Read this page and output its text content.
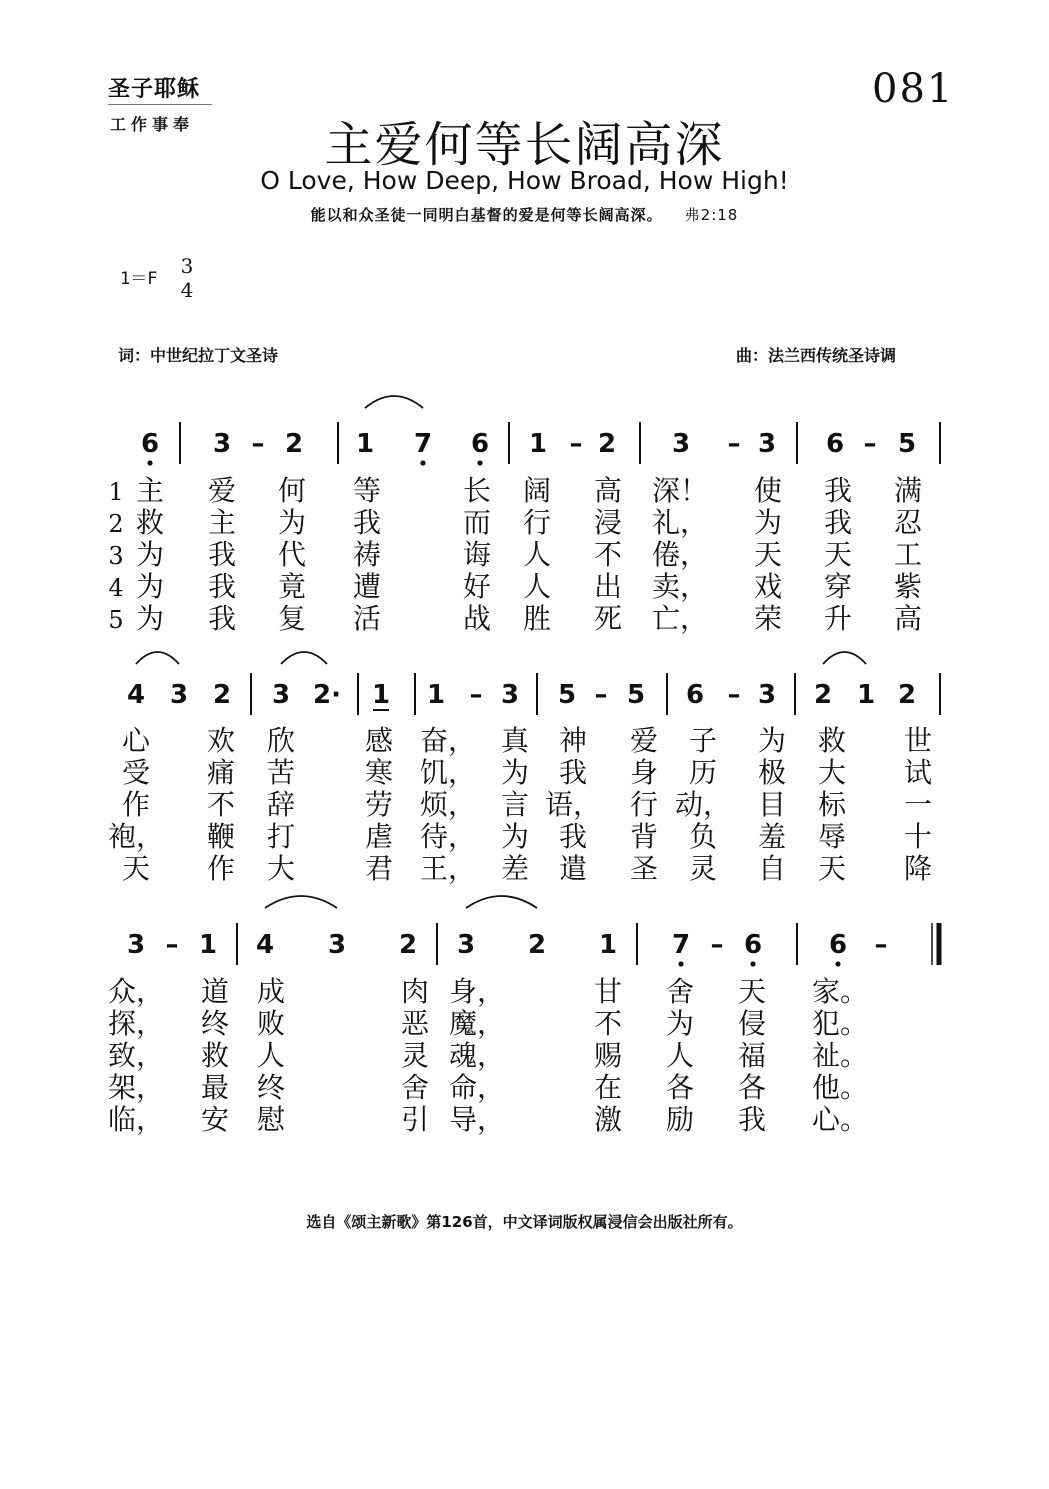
圣子耶稣
工作事奉
081
主爱何等长阔高深
O Love, How Deep, How Broad, How High!
能以和众圣徒一同明白基督的爱是何等长阔高深。 弗2:18
1＝F
3
4
词：中世纪拉丁文圣诗	曲：法兰西传统圣诗调
6 3 – 2 1 7 6 1 – 2 3 – 3 6 – 5
1 主 爱 何 等	长 阔 高 深！ 使 我 满
2 救 主 为 我	而 行 浸 礼， 为 我 忍
3 为 我 代 祷	诲 人 不 倦， 天 天 工
4 为 我 竟 遭	好 人 出 卖， 戏 穿 紫
5 为 我 复 活	战 胜 死 亡， 荣 升 高
4 3 2 3 2· 1 1 – 3 5 – 5 6 – 3 2 1 2
心 欢 欣 感 奋， 真 神 爱 子 为 救 世
受 痛 苦 寒 饥， 为 我 身 历 极 大 试
作 不 辞 劳 烦， 言 语， 行 动， 目 标 一
袍， 鞭 打 虐 待， 为 我 背 负 羞 辱 十
天 作 大 君 王， 差 遣 圣 灵 自 天 降
3 – 1 4 3 2 3 2 1 7 – 6	6 –
众， 道 成	肉 身，	甘 舍 天 家。
探， 终 败	恶 魔，	不 为 侵 犯。
致， 救 人	灵 魂，	赐 人 福 祉。
架， 最 终	舍 命，	在 各 各 他。
临， 安 慰	引 导，	激 励 我 心。
选自《颂主新歌》第126首，中文译词版权属浸信会出版社所有。
